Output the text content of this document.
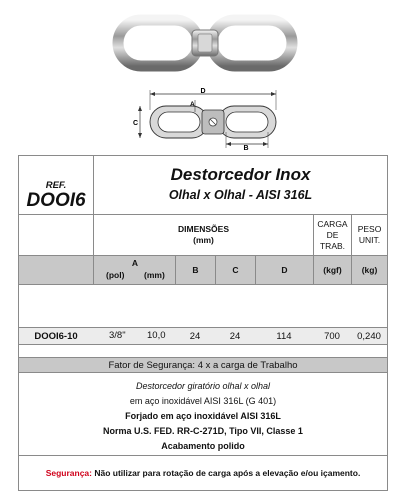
D
C
A
B
REF.
DOOI6
Destorcedor Inox
Olhal x Olhal - AISI 316L
DIMENSÕES
(mm)
CARGA
DE TRAB.
PESO
UNIT.
A
(pol) (mm)
B	C	D	(kgf)	(kg)
DOOI6-10	3/8"	10,0	24	24	114	700	0,240
Fator de Segurança: 4 x a carga de Trabalho
Destorcedor giratório olhal x olhal
em aço inoxidável AISI 316L (G 401)
Forjado em aço inoxidável AISI 316L
Norma U.S. FED. RR-C-271D, Tipo VII, Classe 1
Acabamento polido
Segurança: Não utilizar para rotação de carga após a elevação e/ou içamento.
